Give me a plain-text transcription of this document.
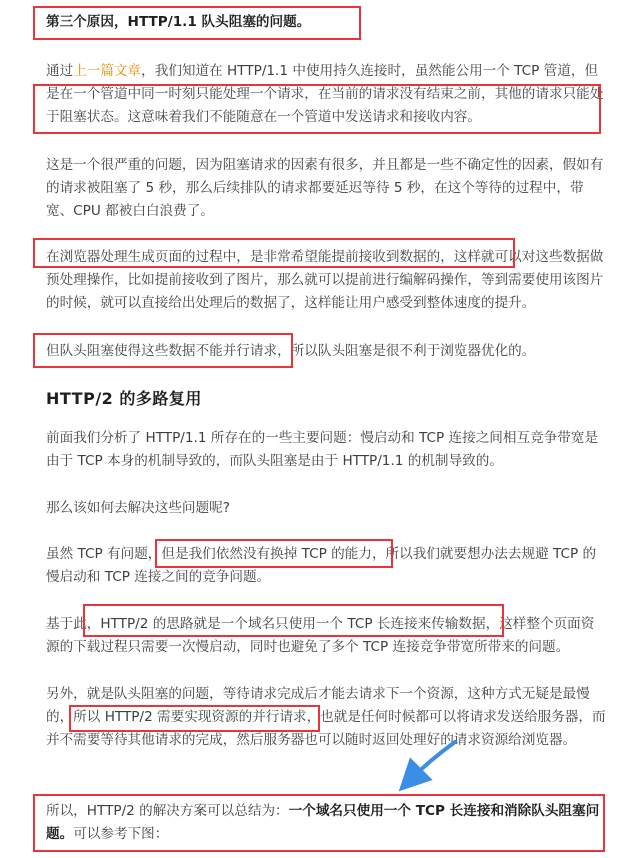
第三个原因，HTTP/1.1 队头阻塞的问题。

通过上一篇文章，我们知道在 HTTP/1.1 中使用持久连接时，虽然能公用一个 TCP 管道，但是在一个管道中同一时刻只能处理一个请求，在当前的请求没有结束之前，其他的请求只能处于阻塞状态。这意味着我们不能随意在一个管道中发送请求和接收内容。

这是一个很严重的问题，因为阻塞请求的因素有很多，并且都是一些不确定性的因素，假如有的请求被阻塞了 5 秒，那么后续排队的请求都要延迟等待 5 秒，在这个等待的过程中，带宽、CPU 都被白白浪费了。

在浏览器处理生成页面的过程中，是非常希望能提前接收到数据的，这样就可以对这些数据做预处理操作，比如提前接收到了图片，那么就可以提前进行编解码操作，等到需要使用该图片的时候，就可以直接给出处理后的数据了，这样能让用户感受到整体速度的提升。

但队头阻塞使得这些数据不能并行请求，所以队头阻塞是很不利于浏览器优化的。

HTTP/2 的多路复用

前面我们分析了 HTTP/1.1 所存在的一些主要问题：慢启动和 TCP 连接之间相互竞争带宽是由于 TCP 本身的机制导致的，而队头阻塞是由于 HTTP/1.1 的机制导致的。

那么该如何去解决这些问题呢?

虽然 TCP 有问题，但是我们依然没有换掉 TCP 的能力，所以我们就要想办法去规避 TCP 的慢启动和 TCP 连接之间的竞争问题。

基于此，HTTP/2 的思路就是一个域名只使用一个 TCP 长连接来传输数据，这样整个页面资源的下载过程只需要一次慢启动，同时也避免了多个 TCP 连接竞争带宽所带来的问题。

另外，就是队头阻塞的问题，等待请求完成后才能去请求下一个资源，这种方式无疑是最慢的，所以 HTTP/2 需要实现资源的并行请求，也就是任何时候都可以将请求发送给服务器，而并不需要等待其他请求的完成，然后服务器也可以随时返回处理好的请求资源给浏览器。

所以，HTTP/2 的解决方案可以总结为：一个域名只使用一个 TCP 长连接和消除队头阻塞问题。可以参考下图：
